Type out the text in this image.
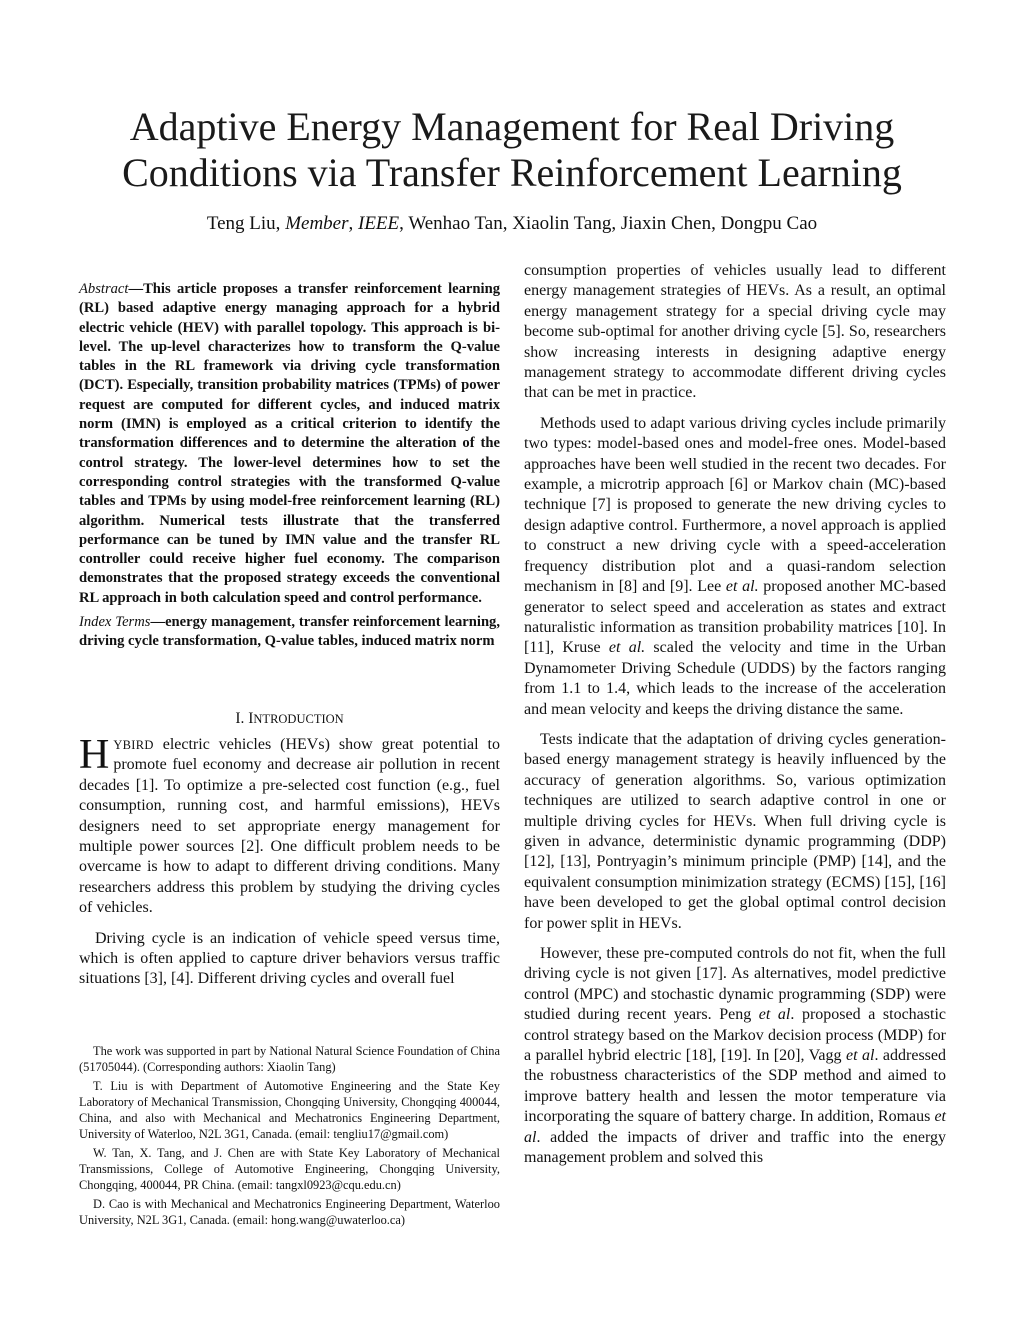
Adaptive Energy Management for Real Driving
Conditions via Transfer Reinforcement Learning
Teng Liu, Member, IEEE, Wenhao Tan, Xiaolin Tang, Jiaxin Chen, Dongpu Cao

Abstract—This article proposes a transfer reinforcement learning (RL) based adaptive energy managing approach for a hybrid electric vehicle (HEV) with parallel topology. This approach is bi-level. The up-level characterizes how to transform the Q-value tables in the RL framework via driving cycle transformation (DCT). Especially, transition probability matrices (TPMs) of power request are computed for different cycles, and induced matrix norm (IMN) is employed as a critical criterion to identify the transformation differences and to determine the alteration of the control strategy. The lower-level determines how to set the corresponding control strategies with the transformed Q-value tables and TPMs by using model-free reinforcement learning (RL) algorithm. Numerical tests illustrate that the transferred performance can be tuned by IMN value and the transfer RL controller could receive higher fuel economy. The comparison demonstrates that the proposed strategy exceeds the conventional RL approach in both calculation speed and control performance.

Index Terms—energy management, transfer reinforcement learning, driving cycle transformation, Q-value tables, induced matrix norm

I. INTRODUCTION

HYBIRD electric vehicles (HEVs) show great potential to promote fuel economy and decrease air pollution in recent decades [1]. To optimize a pre-selected cost function (e.g., fuel consumption, running cost, and harmful emissions), HEVs designers need to set appropriate energy management for multiple power sources [2]. One difficult problem needs to be overcame is how to adapt to different driving conditions. Many researchers address this problem by studying the driving cycles of vehicles.

Driving cycle is an indication of vehicle speed versus time, which is often applied to capture driver behaviors versus traffic situations [3], [4]. Different driving cycles and overall fuel

The work was supported in part by National Natural Science Foundation of China (51705044). (Corresponding authors: Xiaolin Tang)

T. Liu is with Department of Automotive Engineering and the State Key Laboratory of Mechanical Transmission, Chongqing University, Chongqing 400044, China, and also with Mechanical and Mechatronics Engineering Department, University of Waterloo, N2L 3G1, Canada. (email: tengliu17@gmail.com)

W. Tan, X. Tang, and J. Chen are with State Key Laboratory of Mechanical Transmissions, College of Automotive Engineering, Chongqing University, Chongqing, 400044, PR China. (email: tangxl0923@cqu.edu.cn)

D. Cao is with Mechanical and Mechatronics Engineering Department, Waterloo University, N2L 3G1, Canada. (email: hong.wang@uwaterloo.ca)

consumption properties of vehicles usually lead to different energy management strategies of HEVs. As a result, an optimal energy management strategy for a special driving cycle may become sub-optimal for another driving cycle [5]. So, researchers show increasing interests in designing adaptive energy management strategy to accommodate different driving cycles that can be met in practice.

Methods used to adapt various driving cycles include primarily two types: model-based ones and model-free ones. Model-based approaches have been well studied in the recent two decades. For example, a microtrip approach [6] or Markov chain (MC)-based technique [7] is proposed to generate the new driving cycles to design adaptive control. Furthermore, a novel approach is applied to construct a new driving cycle with a speed-acceleration frequency distribution plot and a quasi-random selection mechanism in [8] and [9]. Lee et al. proposed another MC-based generator to select speed and acceleration as states and extract naturalistic information as transition probability matrices [10]. In [11], Kruse et al. scaled the velocity and time in the Urban Dynamometer Driving Schedule (UDDS) by the factors ranging from 1.1 to 1.4, which leads to the increase of the acceleration and mean velocity and keeps the driving distance the same.

Tests indicate that the adaptation of driving cycles generation-based energy management strategy is heavily influenced by the accuracy of generation algorithms. So, various optimization techniques are utilized to search adaptive control in one or multiple driving cycles for HEVs. When full driving cycle is given in advance, deterministic dynamic programming (DDP) [12], [13], Pontryagin’s minimum principle (PMP) [14], and the equivalent consumption minimization strategy (ECMS) [15], [16] have been developed to get the global optimal control decision for power split in HEVs.

However, these pre-computed controls do not fit, when the full driving cycle is not given [17]. As alternatives, model predictive control (MPC) and stochastic dynamic programming (SDP) were studied during recent years. Peng et al. proposed a stochastic control strategy based on the Markov decision process (MDP) for a parallel hybrid electric [18], [19]. In [20], Vagg et al. addressed the robustness characteristics of the SDP method and aimed to improve battery health and lessen the motor temperature via incorporating the square of battery charge. In addition, Romaus et al. added the impacts of driver and traffic into the energy management problem and solved this
